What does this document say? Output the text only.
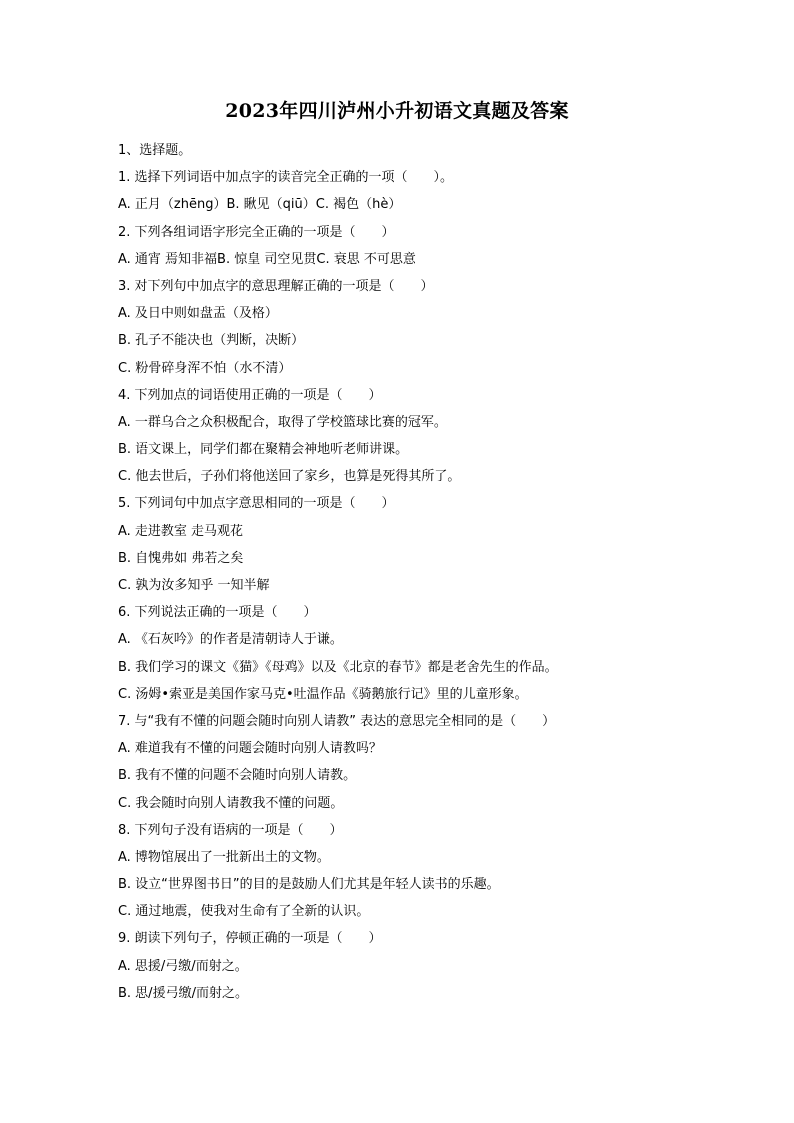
2023年四川泸州小升初语文真题及答案
1、选择题。
1. 选择下列词语中加点字的读音完全正确的一项（　　）。
A. 正月（zhēng）B. 瞅见（qiū）C. 褐色（hè）
2. 下列各组词语字形完全正确的一项是（　　）
A. 通宵 焉知非福B. 惊皇 司空见贯C. 衰思 不可思意
3. 对下列句中加点字的意思理解正确的一项是（　　）
A. 及日中则如盘盂（及格）
B. 孔子不能决也（判断，决断）
C. 粉骨碎身浑不怕（水不清）
4. 下列加点的词语使用正确的一项是（　　）
A. 一群乌合之众积极配合，取得了学校篮球比赛的冠军。
B. 语文课上，同学们都在聚精会神地听老师讲课。
C. 他去世后，子孙们将他送回了家乡，也算是死得其所了。
5. 下列词句中加点字意思相同的一项是（　　）
A. 走进教室 走马观花
B. 自愧弗如 弗若之矣
C. 孰为汝多知乎 一知半解
6. 下列说法正确的一项是（　　）
A. 《石灰吟》的作者是清朝诗人于谦。
B. 我们学习的课文《猫》《母鸡》以及《北京的春节》都是老舍先生的作品。
C. 汤姆•索亚是美国作家马克•吐温作品《骑鹅旅行记》里的儿童形象。
7. 与“我有不懂的问题会随时向别人请教” 表达的意思完全相同的是（　　）
A. 难道我有不懂的问题会随时向别人请教吗？
B. 我有不懂的问题不会随时向别人请教。
C. 我会随时向别人请教我不懂的问题。
8. 下列句子没有语病的一项是（　　）
A. 博物馆展出了一批新出土的文物。
B. 设立“世界图书日”的目的是鼓励人们尤其是年轻人读书的乐趣。
C. 通过地震，使我对生命有了全新的认识。
9. 朗读下列句子，停顿正确的一项是（　　）
A. 思援/弓缴/而射之。
B. 思/援弓缴/而射之。
